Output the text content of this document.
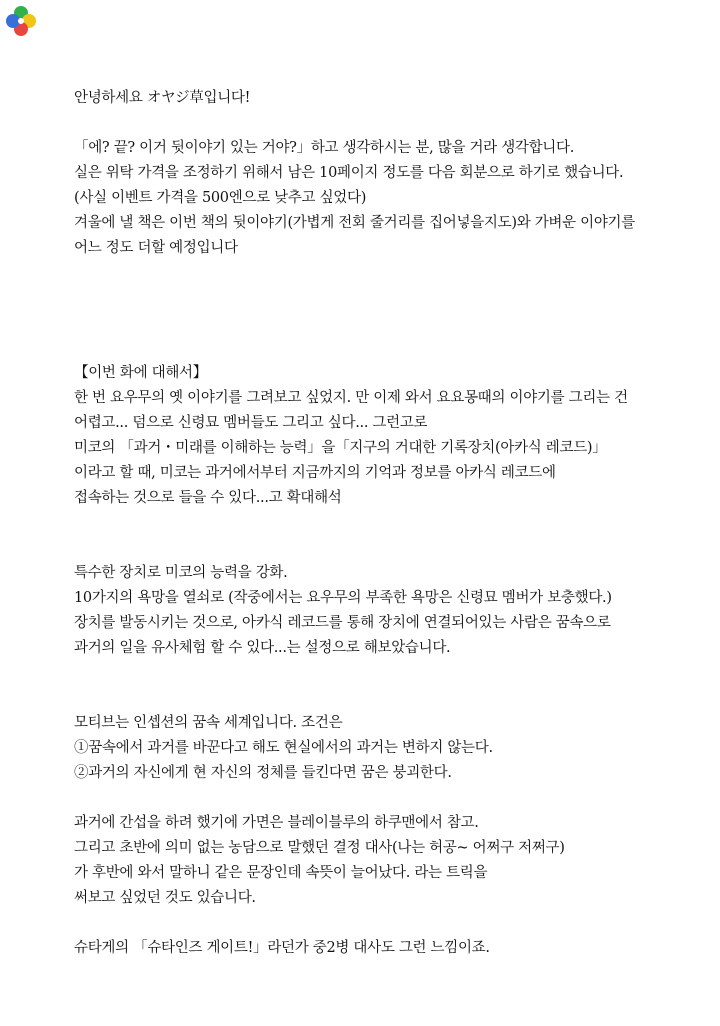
안녕하세요 オヤジ草입니다!
「에? 끝? 이거 뒷이야기 있는 거야?」하고 생각하시는 분, 많을 거라 생각합니다.
실은 위탁 가격을 조정하기 위해서 남은 10페이지 정도를 다음 회분으로 하기로 했습니다.
(사실 이벤트 가격을 500엔으로 낮추고 싶었다)
겨울에 낼 책은 이번 책의 뒷이야기(가볍게 전회 줄거리를 집어넣을지도)와 가벼운 이야기를
어느 정도 더할 예정입니다
【이번 화에 대해서】
한 번 요우무의 옛 이야기를 그려보고 싶었지. 만 이제 와서 요요몽때의 이야기를 그리는 건
어렵고... 덤으로 신령묘 멤버들도 그리고 싶다... 그런고로
미코의 「과거・미래를 이해하는 능력」을「지구의 거대한 기록장치(아카식 레코드)」
이라고 할 때, 미코는 과거에서부터 지금까지의 기억과 정보를 아카식 레코드에
접속하는 것으로 들을 수 있다...고 확대해석
특수한 장치로 미코의 능력을 강화.
10가지의 욕망을 열쇠로 (작중에서는 요우무의 부족한 욕망은 신령묘 멤버가 보충했다.)
장치를 발동시키는 것으로, 아카식 레코드를 통해 장치에 연결되어있는 사람은 꿈속으로
과거의 일을 유사체험 할 수 있다...는 설정으로 해보았습니다.
모티브는 인셉션의 꿈속 세계입니다. 조건은
①꿈속에서 과거를 바꾼다고 해도 현실에서의 과거는 변하지 않는다.
②과거의 자신에게 현 자신의 정체를 들킨다면 꿈은 붕괴한다.
과거에 간섭을 하려 했기에 가면은 블레이블루의 하쿠맨에서 참고.
그리고 초반에 의미 없는 농담으로 말했던 결정 대사(나는 허공~ 어쩌구 저쩌구)
가 후반에 와서 말하니 같은 문장인데 속뜻이 늘어났다. 라는 트릭을
써보고 싶었던 것도 있습니다.
슈타게의 「슈타인즈 게이트!」라던가 중2병 대사도 그런 느낌이죠.
